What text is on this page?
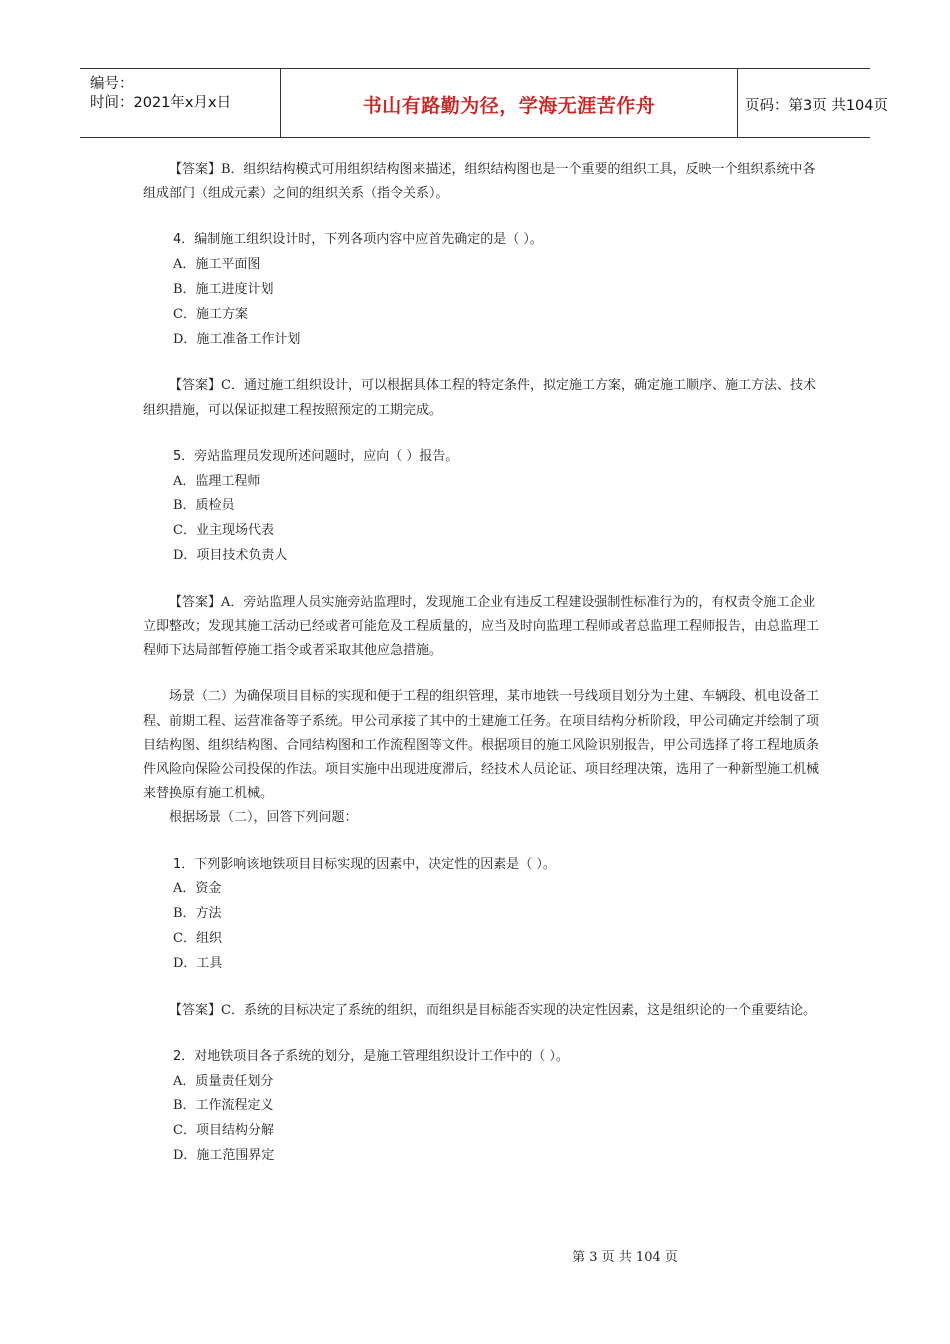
编号：
时间：2021年x月x日	书山有路勤为径，学海无涯苦作舟	页码：第3页 共104页

【答案】B．组织结构模式可用组织结构图来描述，组织结构图也是一个重要的组织工具，反映一个组织系统中各组成部门（组成元素）之间的组织关系（指令关系）。

4．编制施工组织设计时，下列各项内容中应首先确定的是（ ）。
A．施工平面图
B．施工进度计划
C．施工方案
D．施工准备工作计划

【答案】C．通过施工组织设计，可以根据具体工程的特定条件，拟定施工方案，确定施工顺序、施工方法、技术组织措施，可以保证拟建工程按照预定的工期完成。

5．旁站监理员发现所述问题时，应向（ ）报告。
A．监理工程师
B．质检员
C．业主现场代表
D．项目技术负责人

【答案】A．旁站监理人员实施旁站监理时，发现施工企业有违反工程建设强制性标准行为的，有权责令施工企业立即整改；发现其施工活动已经或者可能危及工程质量的，应当及时向监理工程师或者总监理工程师报告，由总监理工程师下达局部暂停施工指令或者采取其他应急措施。

场景（二）为确保项目目标的实现和便于工程的组织管理，某市地铁一号线项目划分为土建、车辆段、机电设备工程、前期工程、运营准备等子系统。甲公司承接了其中的土建施工任务。在项目结构分析阶段，甲公司确定并绘制了项目结构图、组织结构图、合同结构图和工作流程图等文件。根据项目的施工风险识别报告，甲公司选择了将工程地质条件风险向保险公司投保的作法。项目实施中出现进度滞后，经技术人员论证、项目经理决策，选用了一种新型施工机械来替换原有施工机械。

根据场景（二），回答下列问题：

1．下列影响该地铁项目目标实现的因素中，决定性的因素是（ ）。
A．资金
B．方法
C．组织
D．工具

【答案】C．系统的目标决定了系统的组织，而组织是目标能否实现的决定性因素，这是组织论的一个重要结论。

2．对地铁项目各子系统的划分，是施工管理组织设计工作中的（ ）。
A．质量责任划分
B．工作流程定义
C．项目结构分解
D．施工范围界定
第 3 页 共 104 页
